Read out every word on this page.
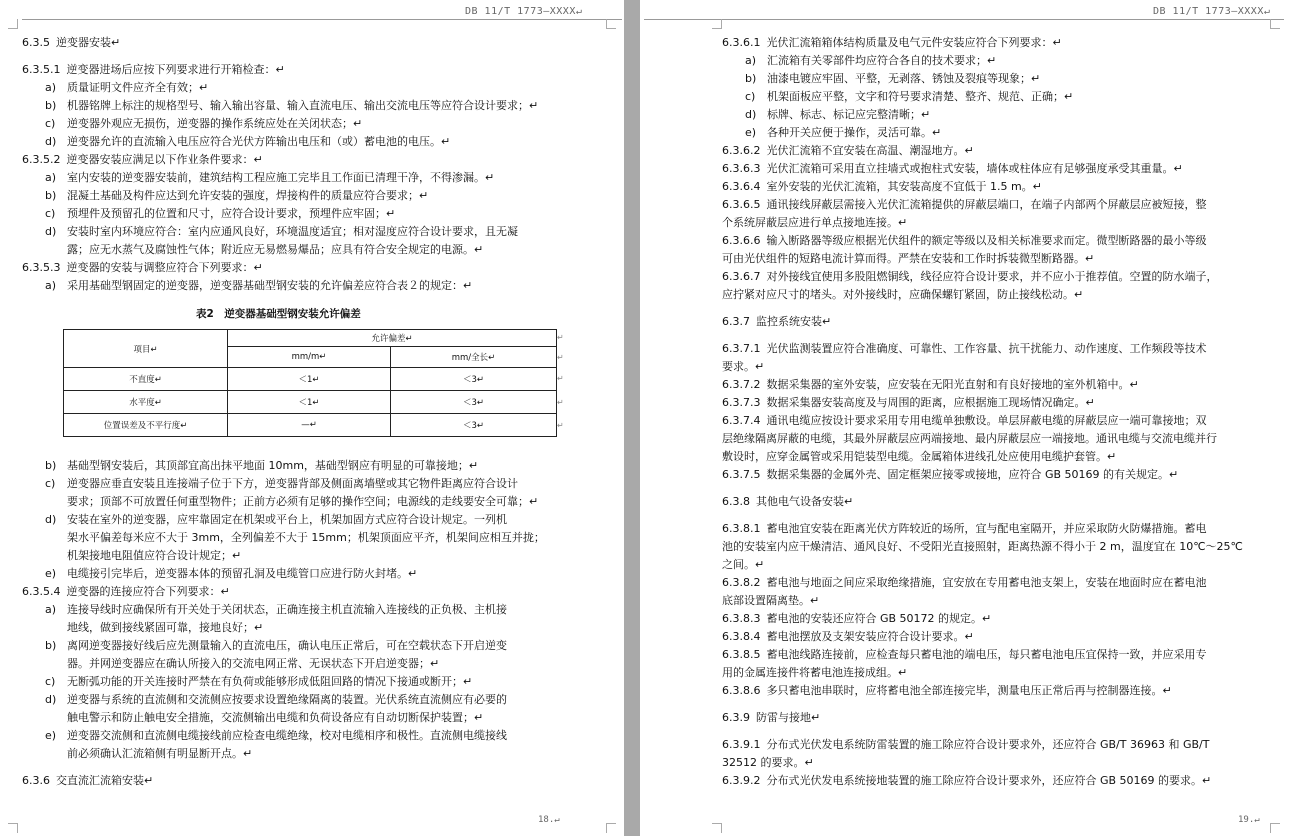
DB 11/T 1773—XXXX↵
18.↵
6.3.5 逆变器安装↵
6.3.5.1 逆变器进场后应按下列要求进行开箱检查：↵
a) 质量证明文件应齐全有效；↵
b) 机器铭牌上标注的规格型号、输入输出容量、输入直流电压、输出交流电压等应符合设计要求；↵
c) 逆变器外观应无损伤，逆变器的操作系统应处在关闭状态；↵
d) 逆变器允许的直流输入电压应符合光伏方阵输出电压和（或）蓄电池的电压。↵
6.3.5.2 逆变器安装应满足以下作业条件要求：↵
a) 室内安装的逆变器安装前，建筑结构工程应施工完毕且工作面已清理干净，不得渗漏。↵
b) 混凝土基础及构件应达到允许安装的强度，焊接构件的质量应符合要求；↵
c) 预埋件及预留孔的位置和尺寸，应符合设计要求，预埋件应牢固；↵
d) 安装时室内环境应符合：室内应通风良好，环境温度适宜；相对湿度应符合设计要求，且无凝
露；应无水蒸气及腐蚀性气体；附近应无易燃易爆品；应具有符合安全规定的电源。↵
6.3.5.3 逆变器的安装与调整应符合下列要求：↵
a) 采用基础型钢固定的逆变器，逆变器基础型钢安装的允许偏差应符合表２的规定：↵
表2　逆变器基础型钢安装允许偏差
项目↵	允许偏差↵	
	mm/m↵	mm/全长↵
不直度↵	＜1↵	＜3↵
水平度↵	＜1↵	＜3↵
位置误差及不平行度↵	—↵	＜3↵
↵
↵
↵
↵
↵
b) 基础型钢安装后，其顶部宜高出抹平地面 10mm，基础型钢应有明显的可靠接地；↵
c) 逆变器应垂直安装且连接端子位于下方，逆变器背部及侧面离墙壁或其它物件距离应符合设计
要求；顶部不可放置任何重型物件；正前方必须有足够的操作空间；电源线的走线要安全可靠；↵
d) 安装在室外的逆变器，应牢靠固定在机架或平台上，机架加固方式应符合设计规定。一列机
架水平偏差每米应不大于 3mm，全列偏差不大于 15mm；机架顶面应平齐，机架间应相互并拢；
机架接地电阻值应符合设计规定；↵
e) 电缆接引完毕后，逆变器本体的预留孔洞及电缆管口应进行防火封堵。↵
6.3.5.4 逆变器的连接应符合下列要求：↵
a) 连接导线时应确保所有开关处于关闭状态，正确连接主机直流输入连接线的正负极、主机接
地线，做到接线紧固可靠，接地良好；↵
b) 离网逆变器接好线后应先测量输入的直流电压，确认电压正常后，可在空载状态下开启逆变
器。并网逆变器应在确认所接入的交流电网正常、无误状态下开启逆变器；↵
c) 无断弧功能的开关连接时严禁在有负荷或能够形成低阻回路的情况下接通或断开；↵
d) 逆变器与系统的直流侧和交流侧应按要求设置绝缘隔离的装置。光伏系统直流侧应有必要的
触电警示和防止触电安全措施，交流侧输出电缆和负荷设备应有自动切断保护装置；↵
e) 逆变器交流侧和直流侧电缆接线前应检查电缆绝缘，校对电缆相序和极性。直流侧电缆接线
前必须确认汇流箱侧有明显断开点。↵
6.3.6 交直流汇流箱安装↵
DB 11/T 1773—XXXX↵
19.↵
6.3.6.1 光伏汇流箱箱体结构质量及电气元件安装应符合下列要求：↵
a) 汇流箱有关零部件均应符合各自的技术要求；↵
b) 油漆电镀应牢固、平整，无剥落、锈蚀及裂痕等现象；↵
c) 机架面板应平整，文字和符号要求清楚、整齐、规范、正确；↵
d) 标牌、标志、标记应完整清晰；↵
e) 各种开关应便于操作，灵活可靠。↵
6.3.6.2 光伏汇流箱不宜安装在高温、潮湿地方。↵
6.3.6.3 光伏汇流箱可采用直立挂墙式或抱柱式安装，墙体或柱体应有足够强度承受其重量。↵
6.3.6.4 室外安装的光伏汇流箱，其安装高度不宜低于 1.5 m。↵
6.3.6.5 通讯接线屏蔽层需接入光伏汇流箱提供的屏蔽层端口，在端子内部两个屏蔽层应被短接，整
个系统屏蔽层应进行单点接地连接。↵
6.3.6.6 输入断路器等级应根据光伏组件的额定等级以及相关标准要求而定。微型断路器的最小等级
可由光伏组件的短路电流计算而得。严禁在安装和工作时拆装微型断路器。↵
6.3.6.7 对外接线宜使用多股阻燃铜线，线径应符合设计要求，并不应小于推荐值。空置的防水端子，
应拧紧对应尺寸的堵头。对外接线时，应确保螺钉紧固，防止接线松动。↵
6.3.7 监控系统安装↵
6.3.7.1 光伏监测装置应符合准确度、可靠性、工作容量、抗干扰能力、动作速度、工作频段等技术
要求。↵
6.3.7.2 数据采集器的室外安装，应安装在无阳光直射和有良好接地的室外机箱中。↵
6.3.7.3 数据采集器安装高度及与周围的距离，应根据施工现场情况确定。↵
6.3.7.4 通讯电缆应按设计要求采用专用电缆单独敷设。单层屏蔽电缆的屏蔽层应一端可靠接地；双
层绝缘隔离屏蔽的电缆，其最外屏蔽层应两端接地、最内屏蔽层应一端接地。通讯电缆与交流电缆并行
敷设时，应穿金属管或采用铠装型电缆。金属箱体进线孔处应使用电缆护套管。↵
6.3.7.5 数据采集器的金属外壳、固定框架应接零或接地，应符合 GB 50169 的有关规定。↵
6.3.8 其他电气设备安装↵
6.3.8.1 蓄电池宜安装在距离光伏方阵较近的场所，宜与配电室隔开，并应采取防火防爆措施。蓄电
池的安装室内应干燥清洁、通风良好、不受阳光直接照射，距离热源不得小于 2 m，温度宜在 10℃～25℃
之间。↵
6.3.8.2 蓄电池与地面之间应采取绝缘措施，宜安放在专用蓄电池支架上，安装在地面时应在蓄电池
底部设置隔离垫。↵
6.3.8.3 蓄电池的安装还应符合 GB 50172 的规定。↵
6.3.8.4 蓄电池摆放及支架安装应符合设计要求。↵
6.3.8.5 蓄电池线路连接前，应检查每只蓄电池的端电压，每只蓄电池电压宜保持一致，并应采用专
用的金属连接件将蓄电池连接成组。↵
6.3.8.6 多只蓄电池串联时，应将蓄电池全部连接完毕，测量电压正常后再与控制器连接。↵
6.3.9 防雷与接地↵
6.3.9.1 分布式光伏发电系统防雷装置的施工除应符合设计要求外，还应符合 GB/T 36963 和 GB/T
32512 的要求。↵
6.3.9.2 分布式光伏发电系统接地装置的施工除应符合设计要求外，还应符合 GB 50169 的要求。↵
